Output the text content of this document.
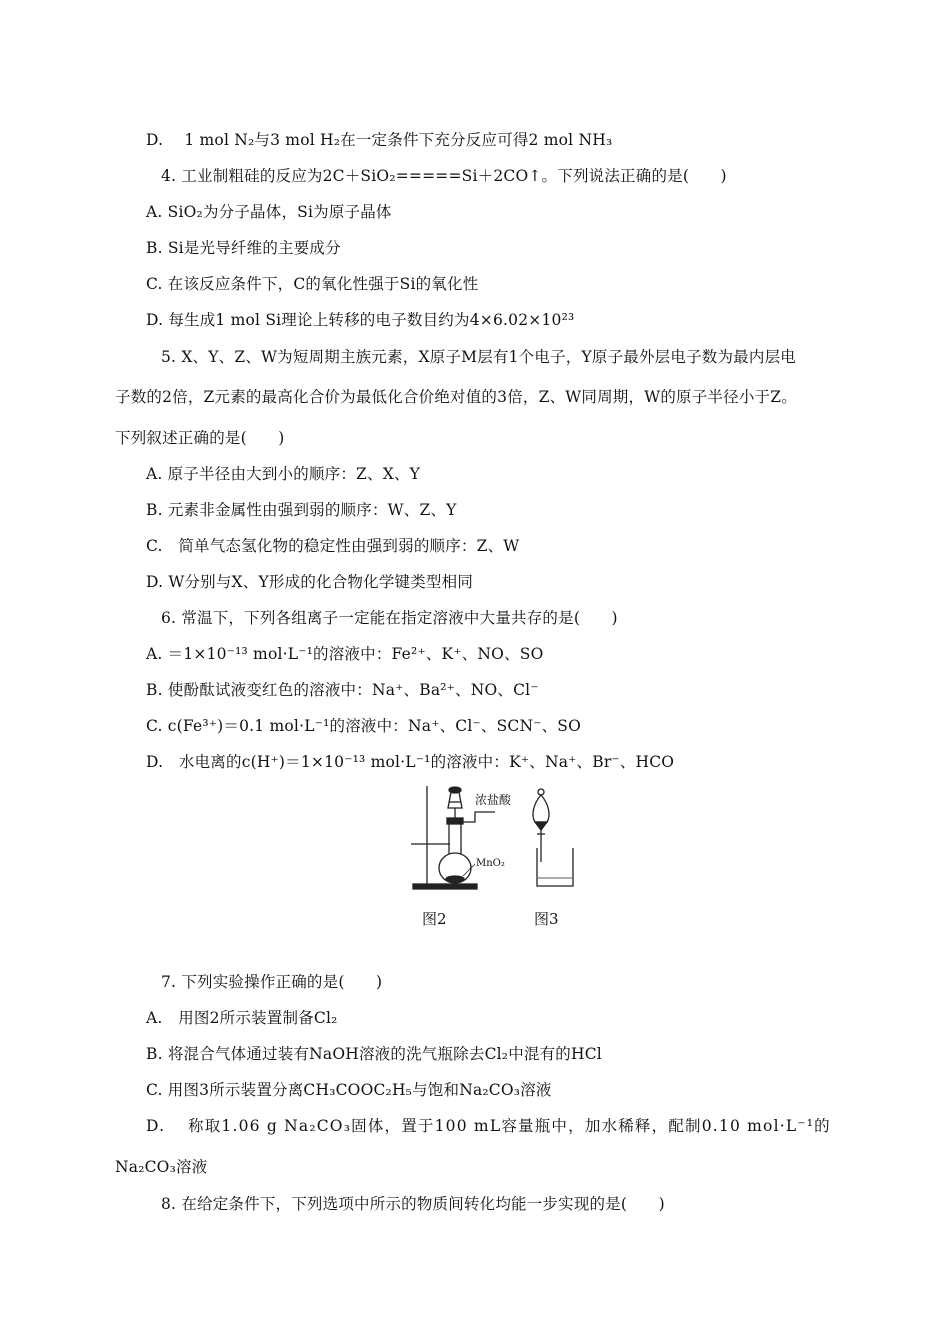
D. 1 mol N₂与3 mol H₂在一定条件下充分反应可得2 mol NH₃
4. 工业制粗硅的反应为2C＋SiO₂=====Si＋2CO↑。下列说法正确的是(　　)
A. SiO₂为分子晶体，Si为原子晶体
B. Si是光导纤维的主要成分
C. 在该反应条件下，C的氧化性强于Si的氧化性
D. 每生成1 mol Si理论上转移的电子数目约为4×6.02×10²³
5. X、Y、Z、W为短周期主族元素，X原子M层有1个电子，Y原子最外层电子数为最内层电
子数的2倍，Z元素的最高化合价为最低化合价绝对值的3倍，Z、W同周期，W的原子半径小于Z。
下列叙述正确的是(　　)
A. 原子半径由大到小的顺序：Z、X、Y
B. 元素非金属性由强到弱的顺序：W、Z、Y
C.　简单气态氢化物的稳定性由强到弱的顺序：Z、W
D. W分别与X、Y形成的化合物化学键类型相同
6. 常温下，下列各组离子一定能在指定溶液中大量共存的是(　　)
A. ＝1×10⁻¹³ mol·L⁻¹的溶液中：Fe²⁺、K⁺、NO、SO
B. 使酚酞试液变红色的溶液中：Na⁺、Ba²⁺、NO、Cl⁻
C. c(Fe³⁺)＝0.1 mol·L⁻¹的溶液中：Na⁺、Cl⁻、SCN⁻、SO
D.　水电离的c(H⁺)＝1×10⁻¹³ mol·L⁻¹的溶液中：K⁺、Na⁺、Br⁻、HCO
浓盐酸
MnO₂
图2	图3
7. 下列实验操作正确的是(　　)
A.　用图2所示装置制备Cl₂
B. 将混合气体通过装有NaOH溶液的洗气瓶除去Cl₂中混有的HCl
C. 用图3所示装置分离CH₃COOC₂H₅与饱和Na₂CO₃溶液
D.　 称取1.06 g Na₂CO₃固体，置于100 mL容量瓶中，加水稀释，配制0.10 mol·L⁻¹的
Na₂CO₃溶液
8. 在给定条件下，下列选项中所示的物质间转化均能一步实现的是(　　)
